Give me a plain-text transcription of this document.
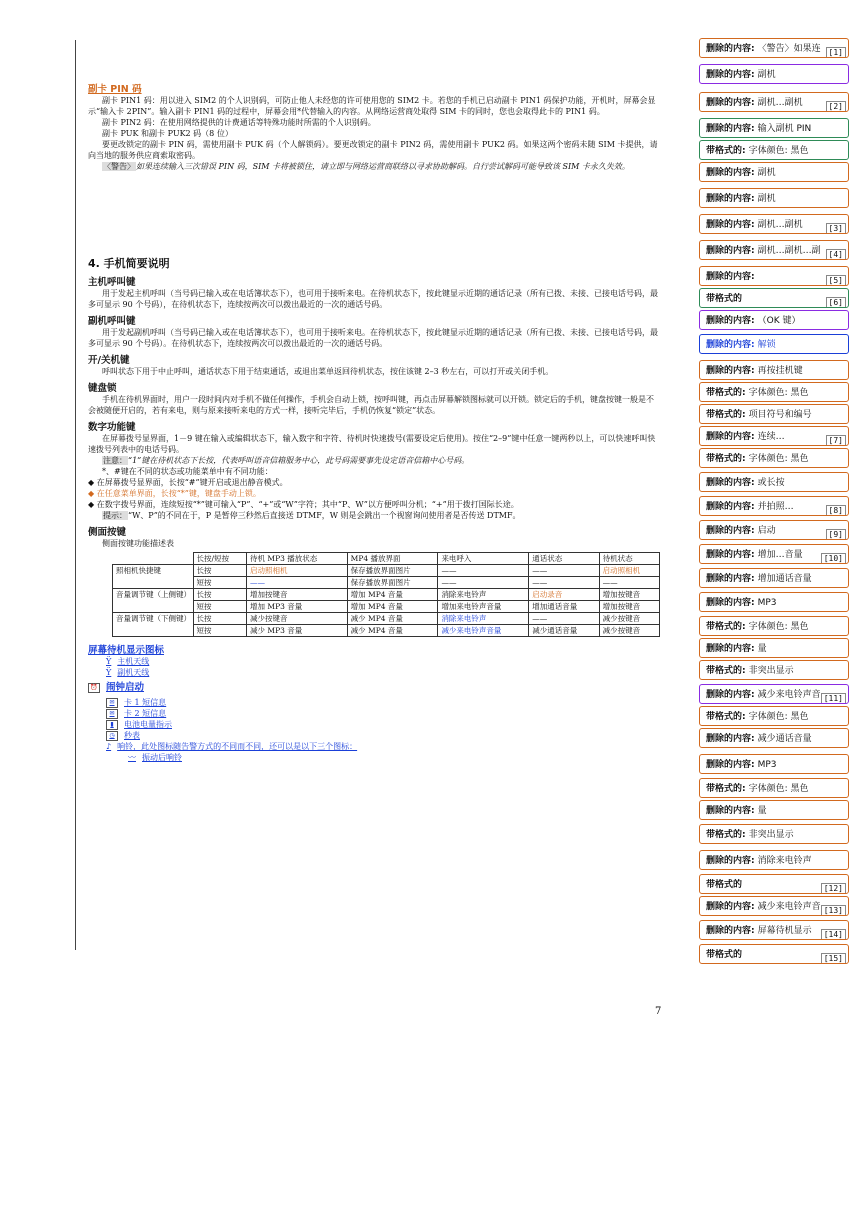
副卡 PIN 码

副卡 PIN1 码：用以进入 SIM2 的个人识别码，可防止他人未经您的许可使用您的 SIM2 卡。若您的手机已启动副卡 PIN1 码保护功能，开机时，屏幕会显示“输入卡 2PIN”。输入副卡 PIN1 码的过程中，屏幕会用*代替输入的内容。从网络运营商处取得 SIM 卡的同时，您也会取得此卡的 PIN1 码。

副卡 PIN2 码：在使用网络提供的计费通话等特殊功能时所需的个人识别码。

副卡 PUK 和副卡 PUK2 码（8 位）

要更改锁定的副卡 PIN 码，需使用副卡 PUK 码（个人解锁码）。要更改锁定的副卡 PIN2 码，需使用副卡 PUK2 码。如果这两个密码未随 SIM 卡提供，请向当地的服务供应商索取密码。

〈警告〉如果连续输入三次错误 PIN 码，SIM 卡将被锁住，请立即与网络运营商联络以寻求协助解码。自行尝试解码可能导致该 SIM 卡永久失效。

4. 手机简要说明
主机呼叫键

用于发起主机呼叫（当号码已输入或在电话簿状态下），也可用于接听来电。在待机状态下，按此键显示近期的通话记录（所有已拨、未接、已接电话号码，最多可显示 90 个号码），在待机状态下，连续按两次可以拨出最近的一次的通话号码。

副机呼叫键

用于发起副机呼叫（当号码已输入或在电话簿状态下），也可用于接听来电。在待机状态下，按此键显示近期的通话记录（所有已拨、未接、已接电话号码，最多可显示 90 个号码）。在待机状态下，连续按两次可以拨出最近的一次的通话号码。

开/关机键

呼叫状态下用于中止呼叫，通话状态下用于结束通话，或退出菜单返回待机状态，按住该键 2–3 秒左右，可以打开或关闭手机。

键盘锁

手机在待机界面时，用户一段时间内对手机不做任何操作，手机会自动上锁，按呼叫键，再点击屏幕解锁图标就可以开锁。锁定后的手机，键盘按键一般是不会被随便开启的，若有来电，则与原来接听来电的方式一样，接听完毕后，手机仍恢复“锁定”状态。

数字功能键

在屏幕拨号显界面，1－9 键在输入或编辑状态下，输入数字和字符、待机时快速拨号(需要设定后使用)。按住“2–9”键中任意一键两秒以上，可以快速呼叫快速拨号列表中的电话号码。

注意：“1”键在待机状态下长按，代表呼叫语音信箱服务中心，此号码需要事先设定语音信箱中心号码。

*、#键在不同的状态或功能菜单中有不同功能：

◆ 在屏幕拨号显界面，长按“#”键开启或退出静音模式。

◆ 在任意菜单界面，长按“*”键，键盘手动上锁。

◆ 在数字拨号界面，连续短按“*”键可输入“P”、“+”或“W”字符；其中“P、W”以方便呼叫分机；“+”用于拨打国际长途。

提示：“W、P”的不同在于，P 是暂停三秒然后直接送 DTMF，W 则是会跳出一个视窗询问使用者是否传送 DTMF。

侧面按键

侧面按键功能描述表

	长按/短按	待机 MP3 播放状态	MP4 播放界面	来电呼入	通话状态	待机状态
照相机快捷键	长按	启动照相机	保存播放界面图片	——	——	启动照相机
	短按	——	保存播放界面图片	——	——	——
音量调节键（上侧键）	长按	增加按键音	增加 MP4 音量	消除来电铃声	启动录音	增加按键音
	短按	增加 MP3 音量	增加 MP4 音量	增加来电铃声音量	增加通话音量	增加按键音
音量调节键（下侧键）	长按	减少按键音	减少 MP4 音量	消除来电铃声	——	减少按键音
	短按	减少 MP3 音量	减少 MP4 音量	减少来电铃声音量	减少通话音量	减少按键音
屏幕待机显示图标
Ÿ 主机天线
Ÿ 副机天线
⏰ 闹钟启动
✉	卡 1 短信息
✉	卡 2 短信息
▮	电池电量指示
◷	秒表
♪ 响铃，此处图标随告警方式的不同而不同，还可以是以下三个图标：
〰 振动后响铃
7
删除的内容: 〈警告〉如果连 [1]
删除的内容: 副机
删除的内容: 副机…副机	[2]
删除的内容: 输入副机 PIN
带格式的: 字体颜色: 黑色
删除的内容: 副机
删除的内容: 副机
删除的内容: 副机…副机	[3]
删除的内容: 副机…副机…副 [4]
删除的内容:	[5]
带格式的	[6]
删除的内容: （OK 键）
删除的内容: 解锁
删除的内容: 再按挂机键
带格式的: 字体颜色: 黑色
带格式的: 项目符号和编号
删除的内容: 连续…	[7]
带格式的: 字体颜色: 黑色
删除的内容: 或长按
删除的内容: 并拍照…	[8]
删除的内容: 启动	[9]
删除的内容: 增加…音量	[10]
删除的内容: 增加通话音量
删除的内容: MP3
带格式的: 字体颜色: 黑色
删除的内容: 量
带格式的: 非突出显示
删除的内容: 减少来电铃声音 [11]
带格式的: 字体颜色: 黑色
删除的内容: 减少通话音量
删除的内容: MP3
带格式的: 字体颜色: 黑色
删除的内容: 量
带格式的: 非突出显示
删除的内容: 消除来电铃声
带格式的	[12]
删除的内容: 减少来电铃声音 [13]
删除的内容: 屏幕待机显示	[14]
带格式的	[15]
